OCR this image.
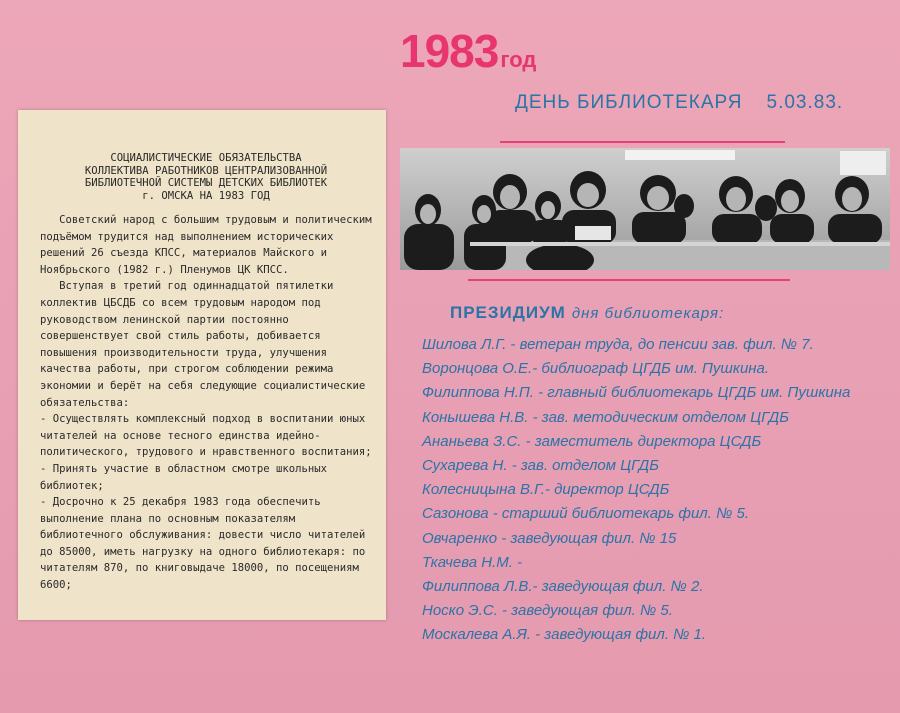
1983год
ДЕНЬ БИБЛИОТЕКАРЯ 5.03.83.
СОЦИАЛИСТИЧЕСКИЕ ОБЯЗАТЕЛЬСТВА
КОЛЛЕКТИВА РАБОТНИКОВ ЦЕНТРАЛИЗОВАННОЙ
БИБЛИОТЕЧНОЙ СИСТЕМЫ ДЕТСКИХ БИБЛИОТЕК
г. ОМСКА НА 1983 ГОД

Советский народ с большим трудовым и политическим подъёмом трудится над выполнением исторических решений 26 съезда КПСС, материалов Майского и Ноябрьского (1982 г.) Пленумов ЦК КПСС.

Вступая в третий год одиннадцатой пятилетки коллектив ЦБСДБ со всем трудовым народом под руководством ленинской партии постоянно совершенствует свой стиль работы, добивается повышения производительности труда, улучшения качества работы, при строгом соблюдении режима экономии и берёт на себя следующие социалистические обязательства:

- Осуществлять комплексный подход в воспитании юных читателей на основе тесного единства идейно-политического, трудового и нравственного воспитания;
- Принять участие в областном смотре школьных библиотек;
- Досрочно к 25 декабря 1983 года обеспечить выполнение плана по основным показателям библиотечного обслуживания: довести число читателей до 85000, иметь нагрузку на одного библиотекаря: по читателям 870, по книговыдаче 18000, по посещениям 6600;
ПРЕЗИДИУМ дня библиотекаря:
Шилова Л.Г. - ветеран труда, до пенсии зав. фил. № 7.
Воронцова О.Е.- библиограф ЦГДБ им. Пушкина.
Филиппова Н.П. - главный библиотекарь ЦГДБ им. Пушкина
Конышева Н.В. - зав. методическим отделом ЦГДБ
Ананьева З.С. - заместитель директора ЦСДБ
Сухарева Н. - зав. отделом ЦГДБ
Колесницына В.Г.- директор ЦСДБ
Сазонова - старший библиотекарь фил. № 5.
Овчаренко - заведующая фил. № 15
Ткачева Н.М. -
Филиппова Л.В.- заведующая фил. № 2.
Носко Э.С. - заведующая фил. № 5.
Москалева А.Я. - заведующая фил. № 1.
